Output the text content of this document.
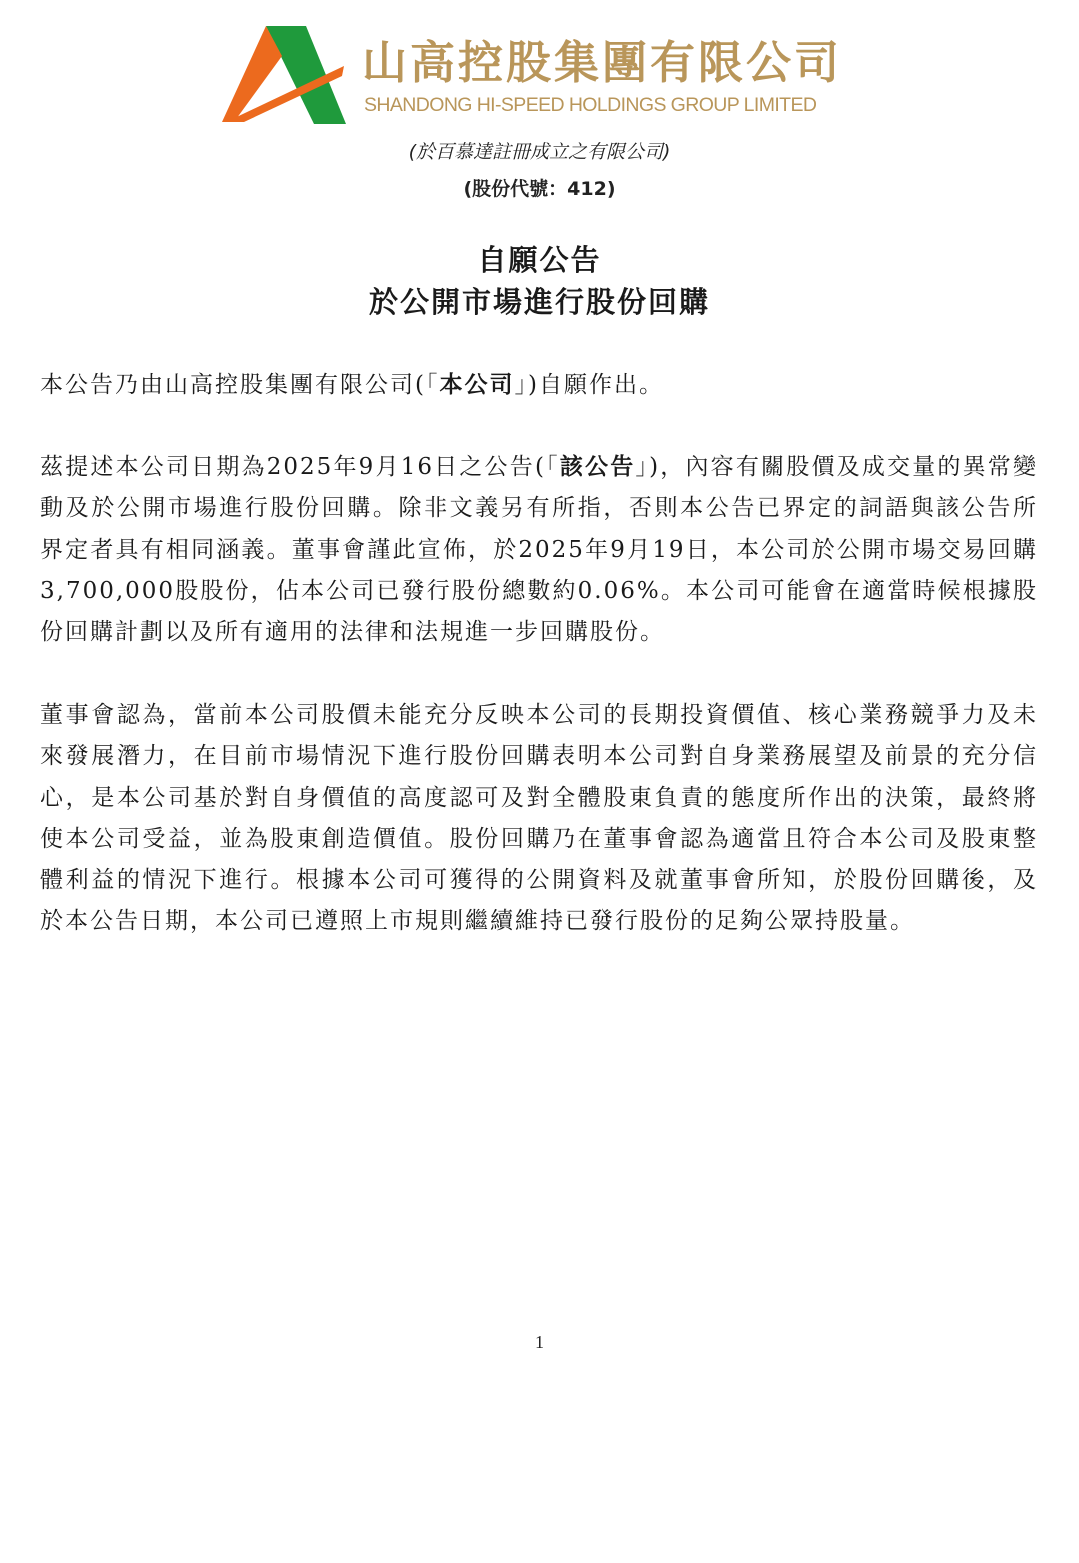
山高控股集團有限公司
SHANDONG HI-SPEED HOLDINGS GROUP LIMITED
(於百慕達註冊成立之有限公司)
(股份代號：412)
自願公告
於公開市場進行股份回購
本公告乃由山高控股集團有限公司(「本公司」)自願作出。
茲提述本公司日期為2025年9月16日之公告(「該公告」)，內容有關股價及成交量的異常變動及於公開市場進行股份回購。除非文義另有所指，否則本公告已界定的詞語與該公告所界定者具有相同涵義。董事會謹此宣佈，於2025年9月19日，本公司於公開市場交易回購3,700,000股股份，佔本公司已發行股份總數約0.06%。本公司可能會在適當時候根據股份回購計劃以及所有適用的法律和法規進一步回購股份。
董事會認為，當前本公司股價未能充分反映本公司的長期投資價值、核心業務競爭力及未來發展潛力，在目前市場情況下進行股份回購表明本公司對自身業務展望及前景的充分信心，是本公司基於對自身價值的高度認可及對全體股東負責的態度所作出的決策，最終將使本公司受益，並為股東創造價值。股份回購乃在董事會認為適當且符合本公司及股東整體利益的情況下進行。根據本公司可獲得的公開資料及就董事會所知，於股份回購後，及於本公告日期，本公司已遵照上市規則繼續維持已發行股份的足夠公眾持股量。
1
